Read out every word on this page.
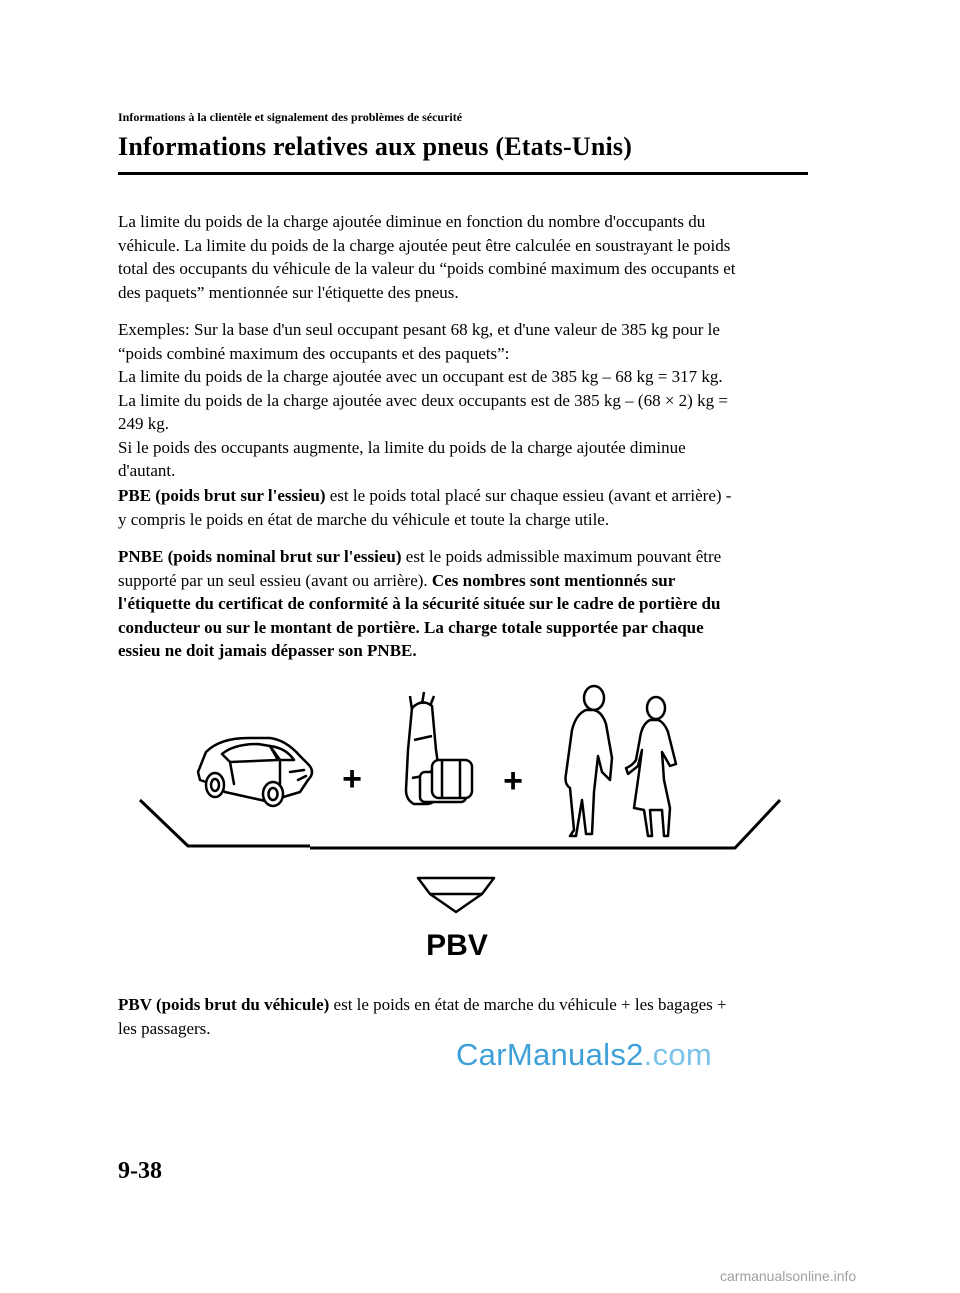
Informations à la clientèle et signalement des problèmes de sécurité
Informations relatives aux pneus (Etats-Unis)
La limite du poids de la charge ajoutée diminue en fonction du nombre d'occupants du
véhicule. La limite du poids de la charge ajoutée peut être calculée en soustrayant le poids
total des occupants du véhicule de la valeur du “poids combiné maximum des occupants et
des paquets” mentionnée sur l'étiquette des pneus.
Exemples: Sur la base d'un seul occupant pesant 68 kg, et d'une valeur de 385 kg pour le
“poids combiné maximum des occupants et des paquets”:
La limite du poids de la charge ajoutée avec un occupant est de 385 kg – 68 kg = 317 kg.
La limite du poids de la charge ajoutée avec deux occupants est de 385 kg – (68 × 2) kg =
249 kg.
Si le poids des occupants augmente, la limite du poids de la charge ajoutée diminue
d'autant.
PBE (poids brut sur l'essieu) est le poids total placé sur chaque essieu (avant et arrière) -
y compris le poids en état de marche du véhicule et toute la charge utile.
PNBE (poids nominal brut sur l'essieu) est le poids admissible maximum pouvant être
supporté par un seul essieu (avant ou arrière). Ces nombres sont mentionnés sur
l'étiquette du certificat de conformité à la sécurité située sur le cadre de portière du
conducteur ou sur le montant de portière. La charge totale supportée par chaque
essieu ne doit jamais dépasser son PNBE.
+	+
PBV
PBV (poids brut du véhicule) est le poids en état de marche du véhicule + les bagages +
les passagers.
CarManuals2.com
9-38
carmanualsonline.info
